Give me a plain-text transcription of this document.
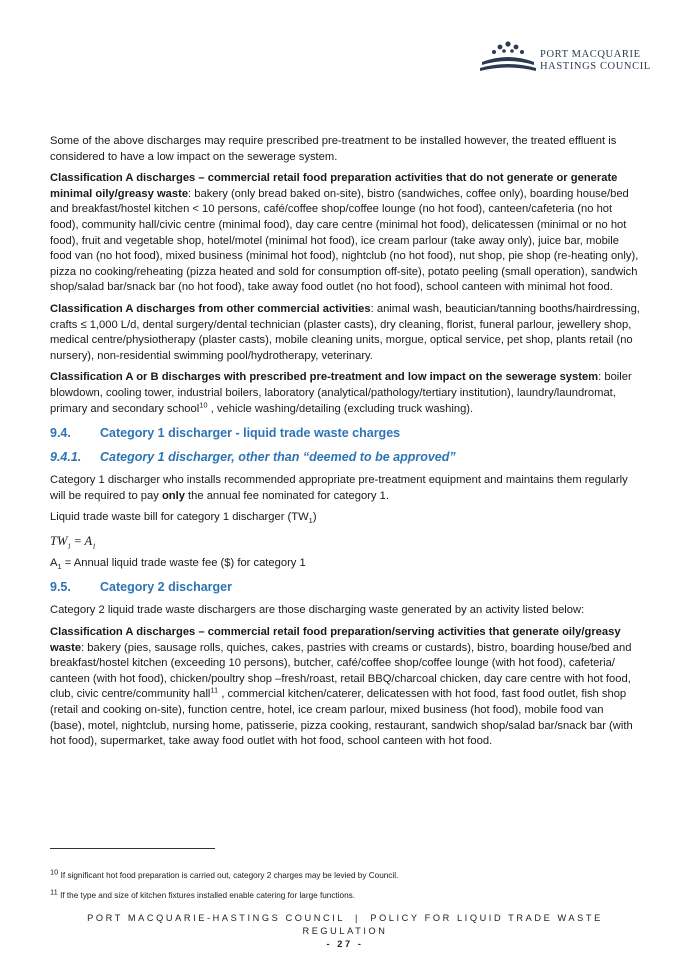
PORT MACQUARIE
HASTINGS COUNCIL

Some of the above discharges may require prescribed pre-treatment to be installed however, the treated effluent is considered to have a low impact on the sewerage system.

Classification A discharges – commercial retail food preparation activities that do not generate or generate minimal oily/greasy waste: bakery (only bread baked on-site), bistro (sandwiches, coffee only), boarding house/bed and breakfast/hostel kitchen < 10 persons, café/coffee shop/coffee lounge (no hot food), canteen/cafeteria (no hot food), community hall/civic centre (minimal food), day care centre (minimal hot food), delicatessen (minimal or no hot food), fruit and vegetable shop, hotel/motel (minimal hot food), ice cream parlour (take away only), juice bar, mobile food van (no hot food), mixed business (minimal hot food), nightclub (no hot food), nut shop, pie shop (re-heating only), pizza no cooking/reheating (pizza heated and sold for consumption off-site), potato peeling (small operation), sandwich shop/salad bar/snack bar (no hot food), take away food outlet (no hot food), school canteen with minimal hot food.

Classification A discharges from other commercial activities: animal wash, beautician/tanning booths/hairdressing, crafts ≤ 1,000 L/d, dental surgery/dental technician (plaster casts), dry cleaning, florist, funeral parlour, jewellery shop, medical centre/physiotherapy (plaster casts), mobile cleaning units, morgue, optical service, pet shop, plants retail (no nursery), non-residential swimming pool/hydrotherapy, veterinary.

Classification A or B discharges with prescribed pre-treatment and low impact on the sewerage system: boiler blowdown, cooling tower, industrial boilers, laboratory (analytical/pathology/tertiary institution), laundry/laundromat, primary and secondary school$^{10}$ , vehicle washing/detailing (excluding truck washing).

9.4. Category 1 discharger - liquid trade waste charges
9.4.1. Category 1 discharger, other than “deemed to be approved”

Category 1 discharger who installs recommended appropriate pre-treatment equipment and maintains them regularly will be required to pay only the annual fee nominated for category 1.

Liquid trade waste bill for category 1 discharger $(TW_1)$

$TW_1 = A_1$

$A_1$ = Annual liquid trade waste fee ($) for category 1

9.5. Category 2 discharger

Category 2 liquid trade waste dischargers are those discharging waste generated by an activity listed below:

Classification A discharges – commercial retail food preparation/serving activities that generate oily/greasy waste: bakery (pies, sausage rolls, quiches, cakes, pastries with creams or custards), bistro, boarding house/bed and breakfast/hostel kitchen (exceeding 10 persons), butcher, café/coffee shop/coffee lounge (with hot food), cafeteria/ canteen (with hot food), chicken/poultry shop –fresh/roast, retail BBQ/charcoal chicken, day care centre with hot food, club, civic centre/community hall$^{11}$ , commercial kitchen/caterer, delicatessen with hot food, fast food outlet, fish shop (retail and cooking on-site), function centre, hotel, ice cream parlour, mixed business (hot food), mobile food van (base), motel, nightclub, nursing home, patisserie, pizza cooking, restaurant, sandwich shop/salad bar/snack bar (with hot food), supermarket, take away food outlet with hot food, school canteen with hot food.

$^{10}$ If significant hot food preparation is carried out, category 2 charges may be levied by Council.
$^{11}$ If the type and size of kitchen fixtures installed enable catering for large functions.
PORT MACQUARIE-HASTINGS COUNCIL  |  POLICY FOR LIQUID TRADE WASTE
REGULATION
- 27 -
